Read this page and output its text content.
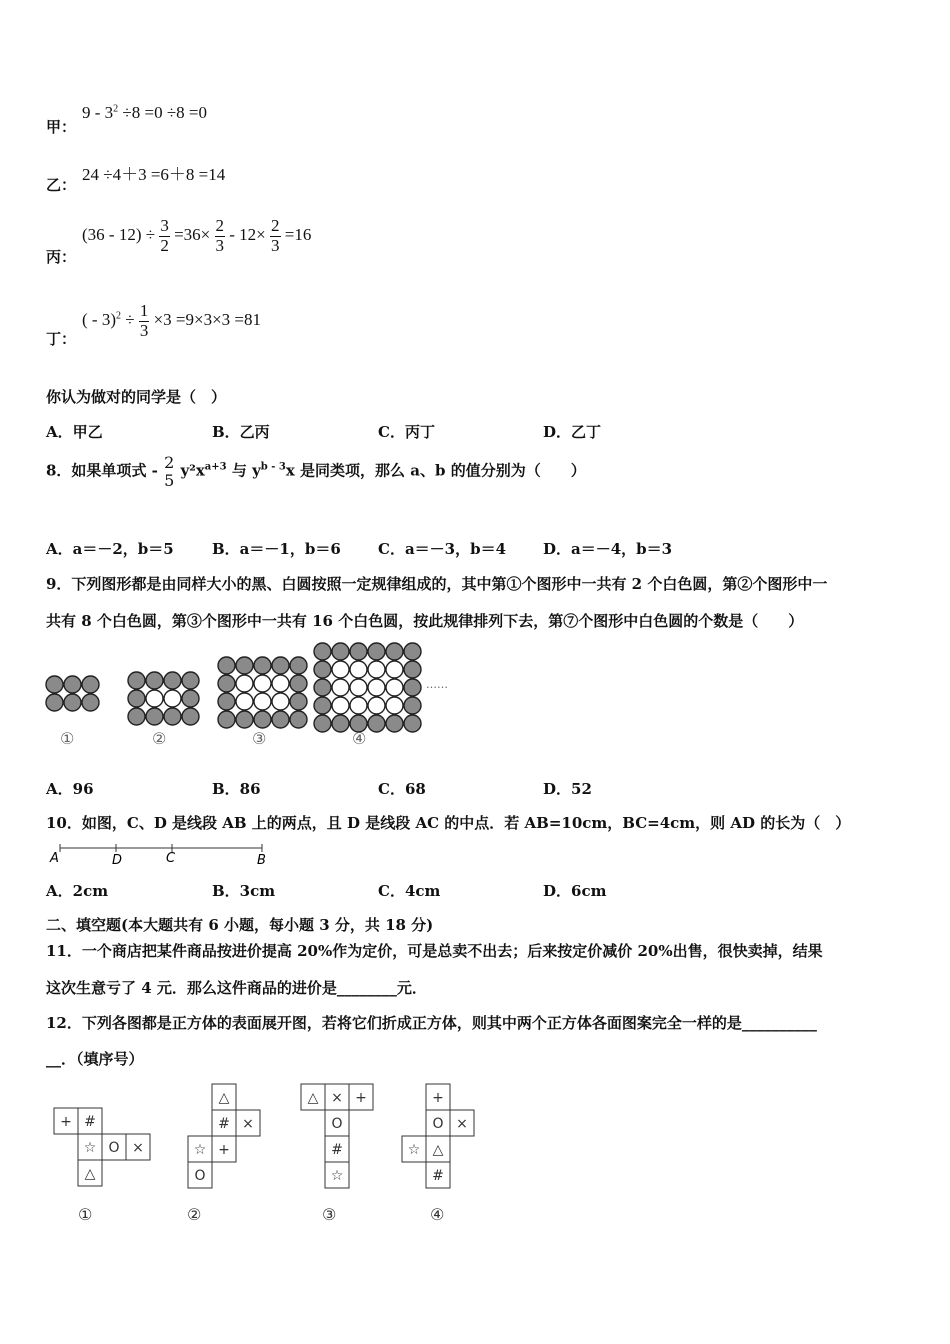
甲：
$9 - 3^2 \div 8 =0 \div 8 =0$
乙：
24 ÷4＋3 =6＋8 =14
丙：
$(36 - 12) \div \frac{3}{2} =36\times \frac{2}{3} - 12\times \frac{2}{3} =16$
丁：
( - $3)^2 \div \frac{1}{3} \times 3 =9\times 3\times 3 =81$
你认为做对的同学是（　）
A．甲乙	B．乙丙	C．丙丁	D．乙丁
8．如果单项式 - 2
5 $y^2x^{a+3}$ 与 $y^{b - 3}x$ 是同类项，那么 a、b 的值分别为（　　）
A．a＝－2，b＝5	B．a＝－1，b＝6 C．a＝－3，b＝4 D．a＝－4，b＝3
9．下列图形都是由同样大小的黑、白圆按照一定规律组成的，其中第①个图形中一共有 2 个白色圆，第②个图形中一
共有 8 个白色圆，第③个图形中一共有 16 个白色圆，按此规律排列下去，第⑦个图形中白色圆的个数是（　　）
①	②	③	④
……
A．96	B．86	C．68	D．52
10．如图，C、D 是线段 AB 上的两点，且 D 是线段 AC 的中点．若 AB=10cm，BC=4cm，则 AD 的长为（　）
A	D	C	B
A．2cm	B．3cm	C．4cm	D．6cm
二、填空题(本大题共有 6 小题，每小题 3 分，共 18 分)
11．一个商店把某件商品按进价提高 20%作为定价，可是总卖不出去；后来按定价减价 20%出售，很快卖掉，结果
这次生意亏了 4 元．那么这件商品的进价是________元．
12．下列各图都是正方体的表面展开图，若将它们折成正方体，则其中两个正方体各面图案完全一样的是__________
__．（填序号）
+ #
☆ O ×
△
△
# ×
☆ +
O
△ × +
O
#
☆
+
O ×
☆ △
#
①	②	③	④
